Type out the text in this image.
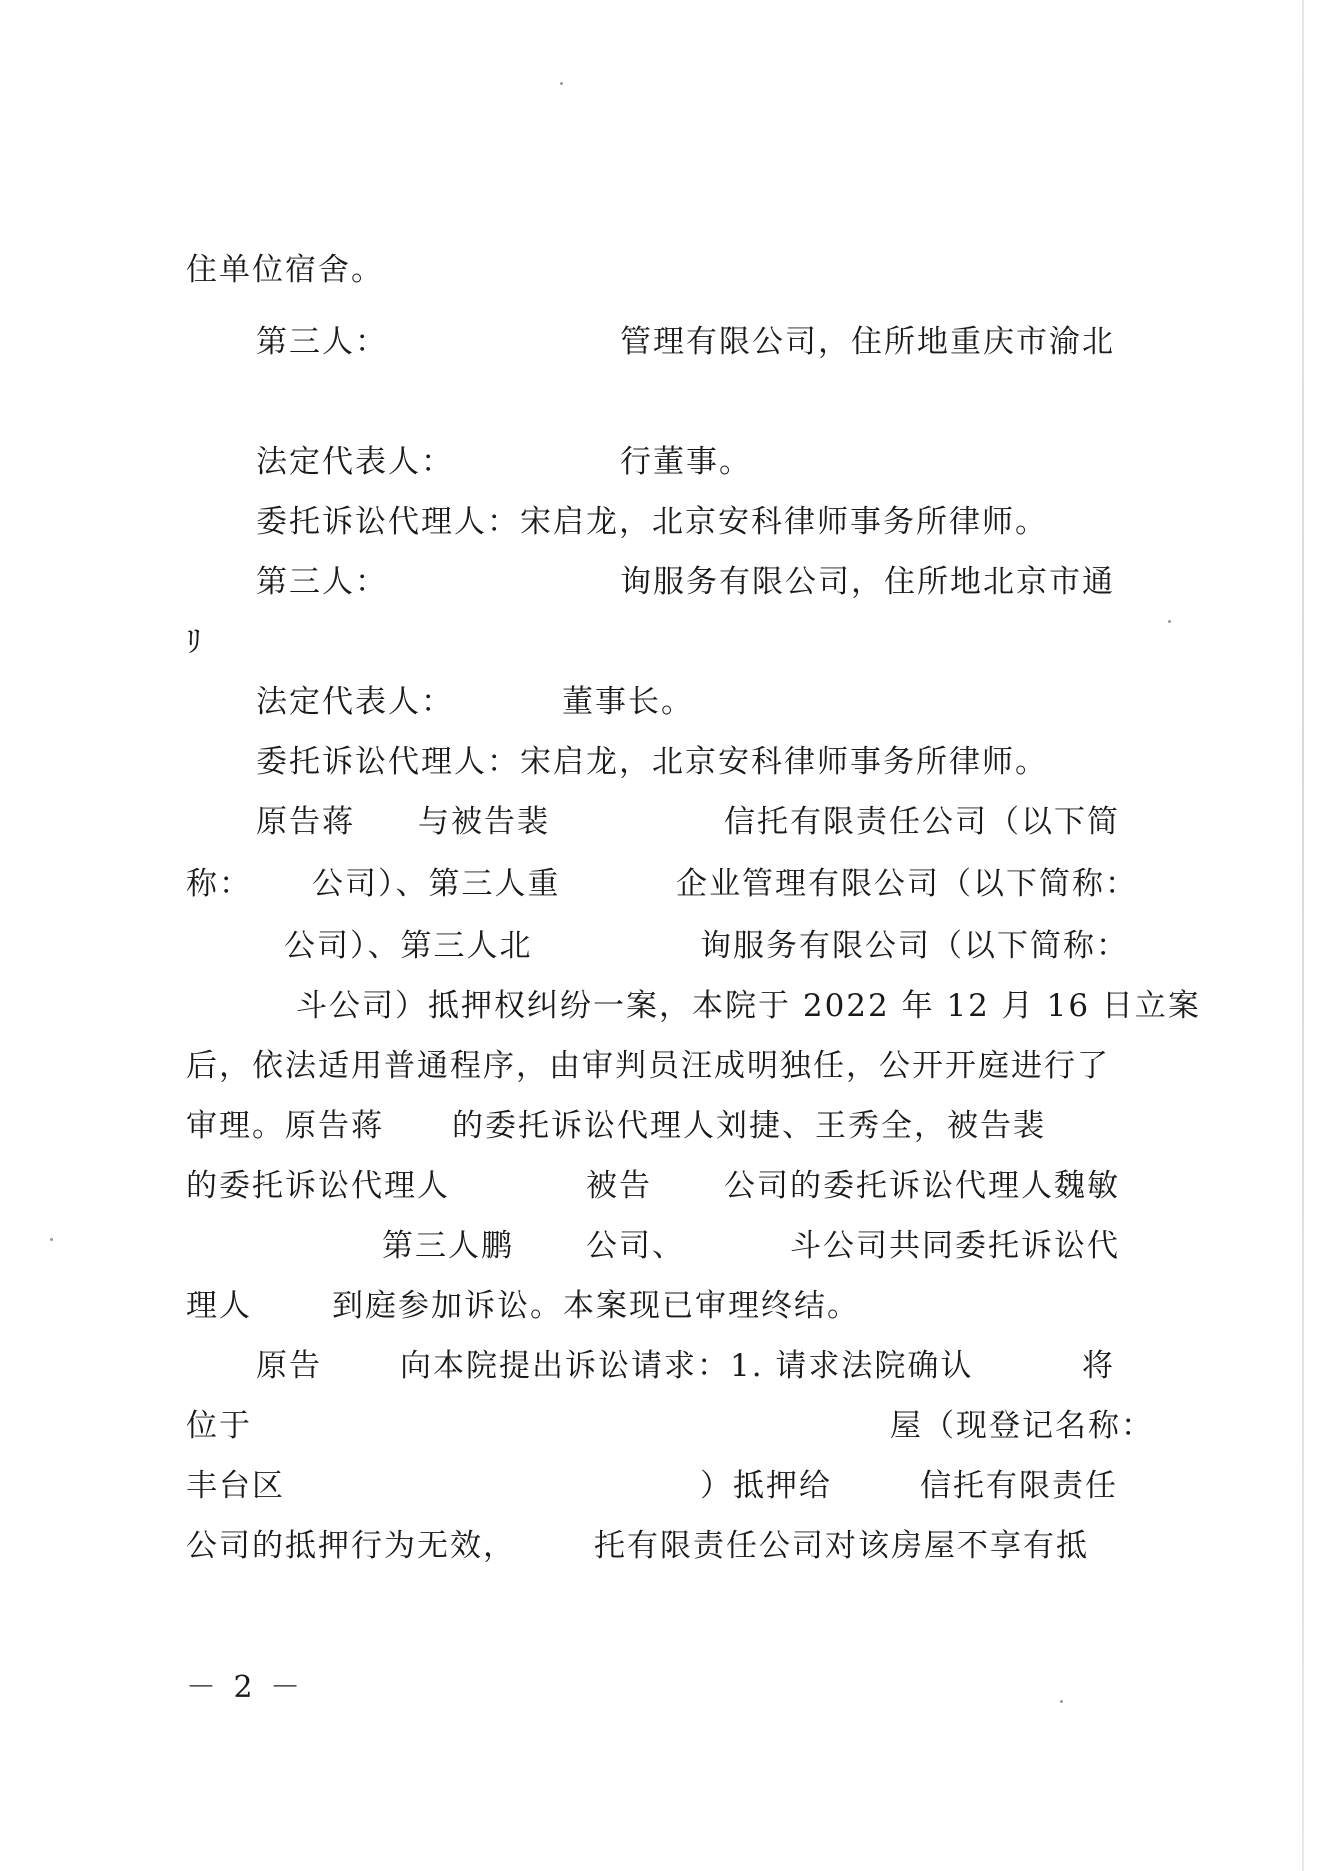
住单位宿舍。
第三人：	管理有限公司，住所地重庆市渝北
法定代表人：	行董事。
委托诉讼代理人：宋启龙，北京安科律师事务所律师。
第三人：	询服务有限公司，住所地北京市通
ﾘ
法定代表人：	董事长。
委托诉讼代理人：宋启龙，北京安科律师事务所律师。
原告蒋 与被告裴	信托有限责任公司（以下简
称： 公司）、第三人重	企业管理有限公司（以下简称：
公司）、第三人北	询服务有限公司（以下简称：
斗公司）抵押权纠纷一案，本院于 2022 年 12 月 16 日立案
后，依法适用普通程序，由审判员汪成明独任，公开开庭进行了
审理。原告蒋 的委托诉讼代理人刘捷、王秀全，被告裴
的委托诉讼代理人	被告 公司的委托诉讼代理人魏敏
第三人鹏 公司、	斗公司共同委托诉讼代
理人	到庭参加诉讼。本案现已审理终结。
原告	向本院提出诉讼请求：1. 请求法院确认	将
位于	屋（现登记名称：
丰台区	）抵押给	信托有限责任
公司的抵押行为无效，	托有限责任公司对该房屋不享有抵
－ 2 －
